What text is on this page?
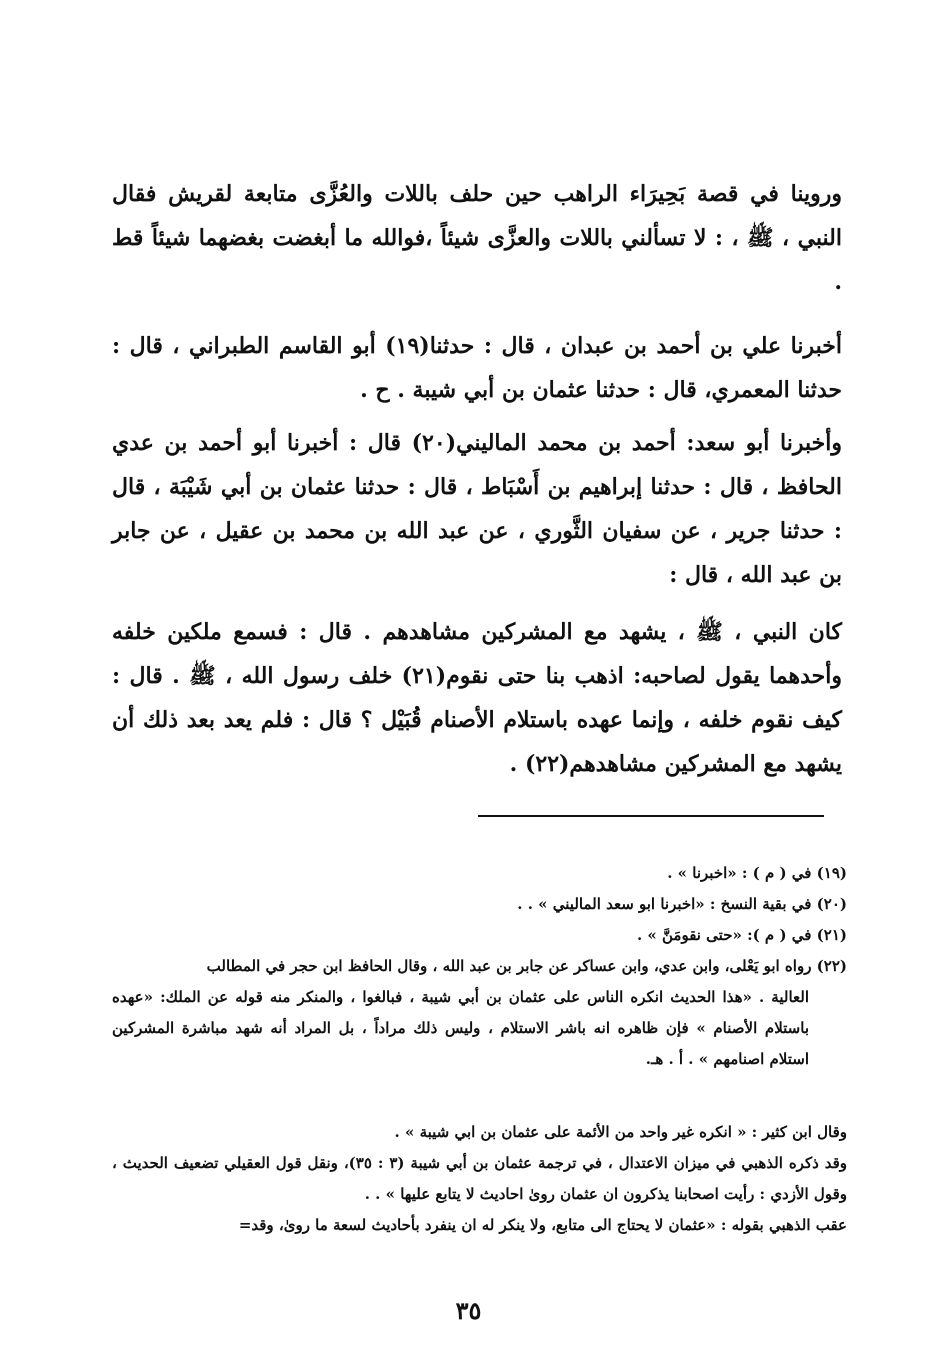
وروينا في قصة بَحِيرَاء الراهب حين حلف باللات والعُزَّى متابعة لقريش فقال النبي ، ﷺ ، : لا تسألني باللات والعزَّى شيئاً ،فوالله ما أبغضت بغضهما شيئاً قط .

أخبرنا علي بن أحمد بن عبدان ، قال : حدثنا(١٩) أبو القاسم الطبراني ، قال : حدثنا المعمري، قال : حدثنا عثمان بن أبي شيبة . ح .

وأخبرنا أبو سعد: أحمد بن محمد الماليني(٢٠) قال : أخبرنا أبو أحمد بن عدي الحافظ ، قال : حدثنا إبراهيم بن أَسْبَاط ، قال : حدثنا عثمان بن أبي شَيْبَة ، قال : حدثنا جرير ، عن سفيان الثَّوري ، عن عبد الله بن محمد بن عقيل ، عن جابر بن عبد الله ، قال :

كان النبي ، ﷺ ، يشهد مع المشركين مشاهدهم . قال : فسمع ملكين خلفه وأحدهما يقول لصاحبه: اذهب بنا حتى نقوم(٢١) خلف رسول الله ، ﷺ . قال : كيف نقوم خلفه ، وإنما عهده باستلام الأصنام قُبَيْل ؟ قال : فلم يعد بعد ذلك أن يشهد مع المشركين مشاهدهم(٢٢) .

(١٩) في ( م ) : «اخبرنا » .

(٢٠) في بقية النسخ : «اخبرنا ابو سعد الماليني » . .

(٢١) في ( م ): «حتى نقومَنَّ » .

(٢٢) رواه ابو يَعْلى، وابن عدي، وابن عساكر عن جابر بن عبد الله ، وقال الحافظ ابن حجر في المطالب

العالية . «هذا الحديث انكره الناس على عثمان بن أبي شيبة ، فبالغوا ، والمنكر منه قوله عن الملك: «عهده باستلام الأصنام » فإن ظاهره انه باشر الاستلام ، وليس ذلك مراداً ، بل المراد أنه شهد مباشرة المشركين استلام اصنامهم » . أ . هـ.

وقال ابن كثير : « انكره غير واحد من الأئمة على عثمان بن ابي شيبة » .

وقد ذكره الذهبي في ميزان الاعتدال ، في ترجمة عثمان بن أبي شيبة (٣ : ٣٥)، ونقل قول العقيلي تضعيف الحديث ، وقول الأزدي : رأيت اصحابنا يذكرون ان عثمان روىٰ احاديث لا يتابع عليها » . .

عقب الذهبي بقوله : «عثمان لا يحتاج الى متابع، ولا ينكر له ان ينفرد بأحاديث لسعة ما روىٰ، وقد=

٣٥
